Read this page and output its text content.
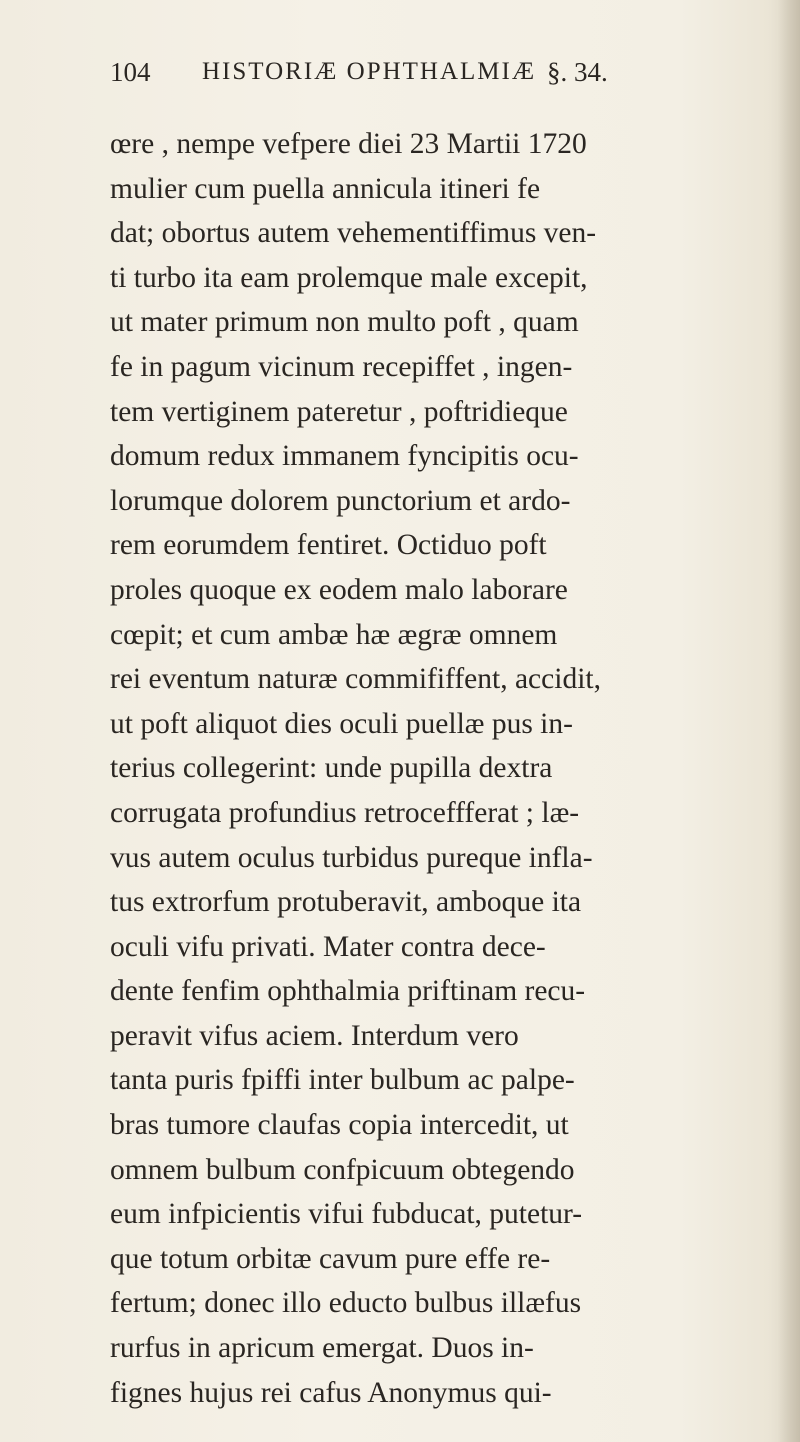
104 HISTORIÆ OPHTHALMIÆ §. 34.
œre , nempe vefpere diei 23 Martii 1720
mulier cum puella annicula itineri fe
dat; obortus autem vehementiffimus ven-
ti turbo ita eam prolemque male excepit,
ut mater primum non multo poft , quam
fe in pagum vicinum recepiffet , ingen-
tem vertiginem pateretur , poftridieque
domum redux immanem fyncipitis ocu-
lorumque dolorem punctorium et ardo-
rem eorumdem fentiret. Octiduo poft
proles quoque ex eodem malo laborare
cœpit; et cum ambæ hæ ægræ omnem
rei eventum naturæ commififfent, accidit,
ut poft aliquot dies oculi puellæ pus in-
terius collegerint: unde pupilla dextra
corrugata profundius retroceffferat ; læ-
vus autem oculus turbidus pureque infla-
tus extrorfum protuberavit, amboque ita
oculi vifu privati. Mater contra dece-
dente fenfim ophthalmia priftinam recu-
peravit vifus aciem. Interdum vero
tanta puris fpiffi inter bulbum ac palpe-
bras tumore claufas copia intercedit, ut
omnem bulbum confpicuum obtegendo
eum infpicientis vifui fubducat, putetur-
que totum orbitæ cavum pure effe re-
fertum; donec illo educto bulbus illæfus
rurfus in apricum emergat. Duos in-
fignes hujus rei cafus Anonymus qui-
